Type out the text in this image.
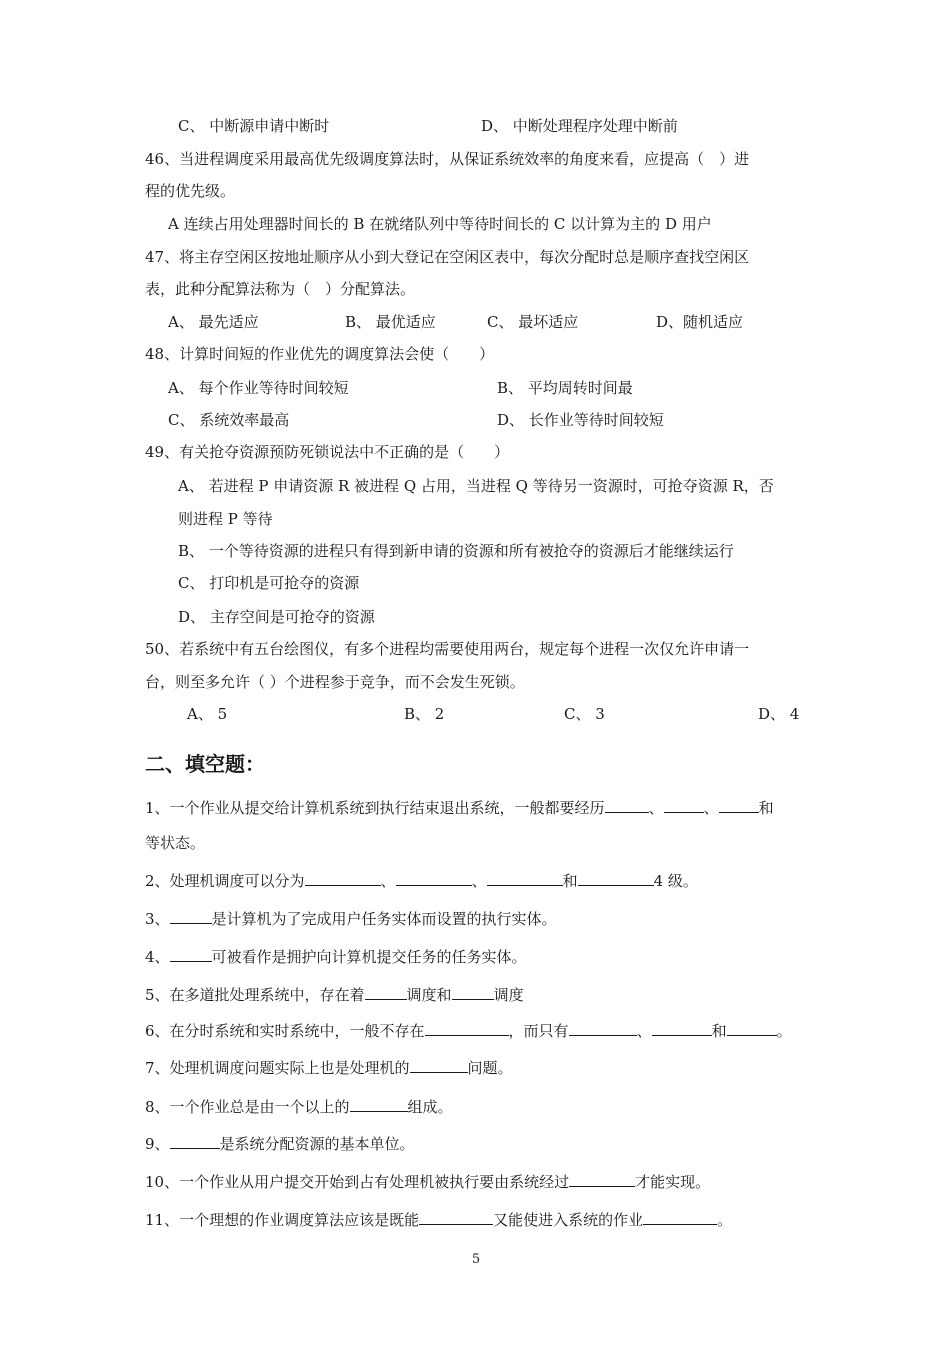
C、 中断源申请中断时	D、 中断处理程序处理中断前
46、当进程调度采用最高优先级调度算法时，从保证系统效率的角度来看，应提高（　）进
程的优先级。
A 连续占用处理器时间长的 B 在就绪队列中等待时间长的 C 以计算为主的 D 用户
47、将主存空闲区按地址顺序从小到大登记在空闲区表中，每次分配时总是顺序查找空闲区
表，此种分配算法称为（　）分配算法。
A、 最先适应	B、 最优适应	C、 最坏适应	D、随机适应
48、计算时间短的作业优先的调度算法会使（　　）
A、 每个作业等待时间较短	B、 平均周转时间最
C、 系统效率最高	D、 长作业等待时间较短
49、有关抢夺资源预防死锁说法中不正确的是（　　）
A、 若进程 P 申请资源 R 被进程 Q 占用，当进程 Q 等待另一资源时，可抢夺资源 R，否
则进程 P 等待
B、 一个等待资源的进程只有得到新申请的资源和所有被抢夺的资源后才能继续运行
C、 打印机是可抢夺的资源
D、 主存空间是可抢夺的资源
50、若系统中有五台绘图仪，有多个进程均需要使用两台，规定每个进程一次仅允许申请一
台，则至多允许（ ）个进程参于竞争，而不会发生死锁。
A、 5	B、 2	C、 3	D、 4
二、填空题：
1、一个作业从提交给计算机系统到执行结束退出系统，一般都要经历	、	、	和
等状态。
2、处理机调度可以分为	、	、	和	4 级。
3、	是计算机为了完成用户任务实体而设置的执行实体。
4、	可被看作是拥护向计算机提交任务的任务实体。
5、在多道批处理系统中，存在着	调度和	调度
6、在分时系统和实时系统中，一般不存在	，而只有	、	和	。
7、处理机调度问题实际上也是处理机的	问题。
8、一个作业总是由一个以上的	组成。
9、	是系统分配资源的基本单位。
10、一个作业从用户提交开始到占有处理机被执行要由系统经过	才能实现。
11、一个理想的作业调度算法应该是既能	又能使进入系统的作业	。
5
